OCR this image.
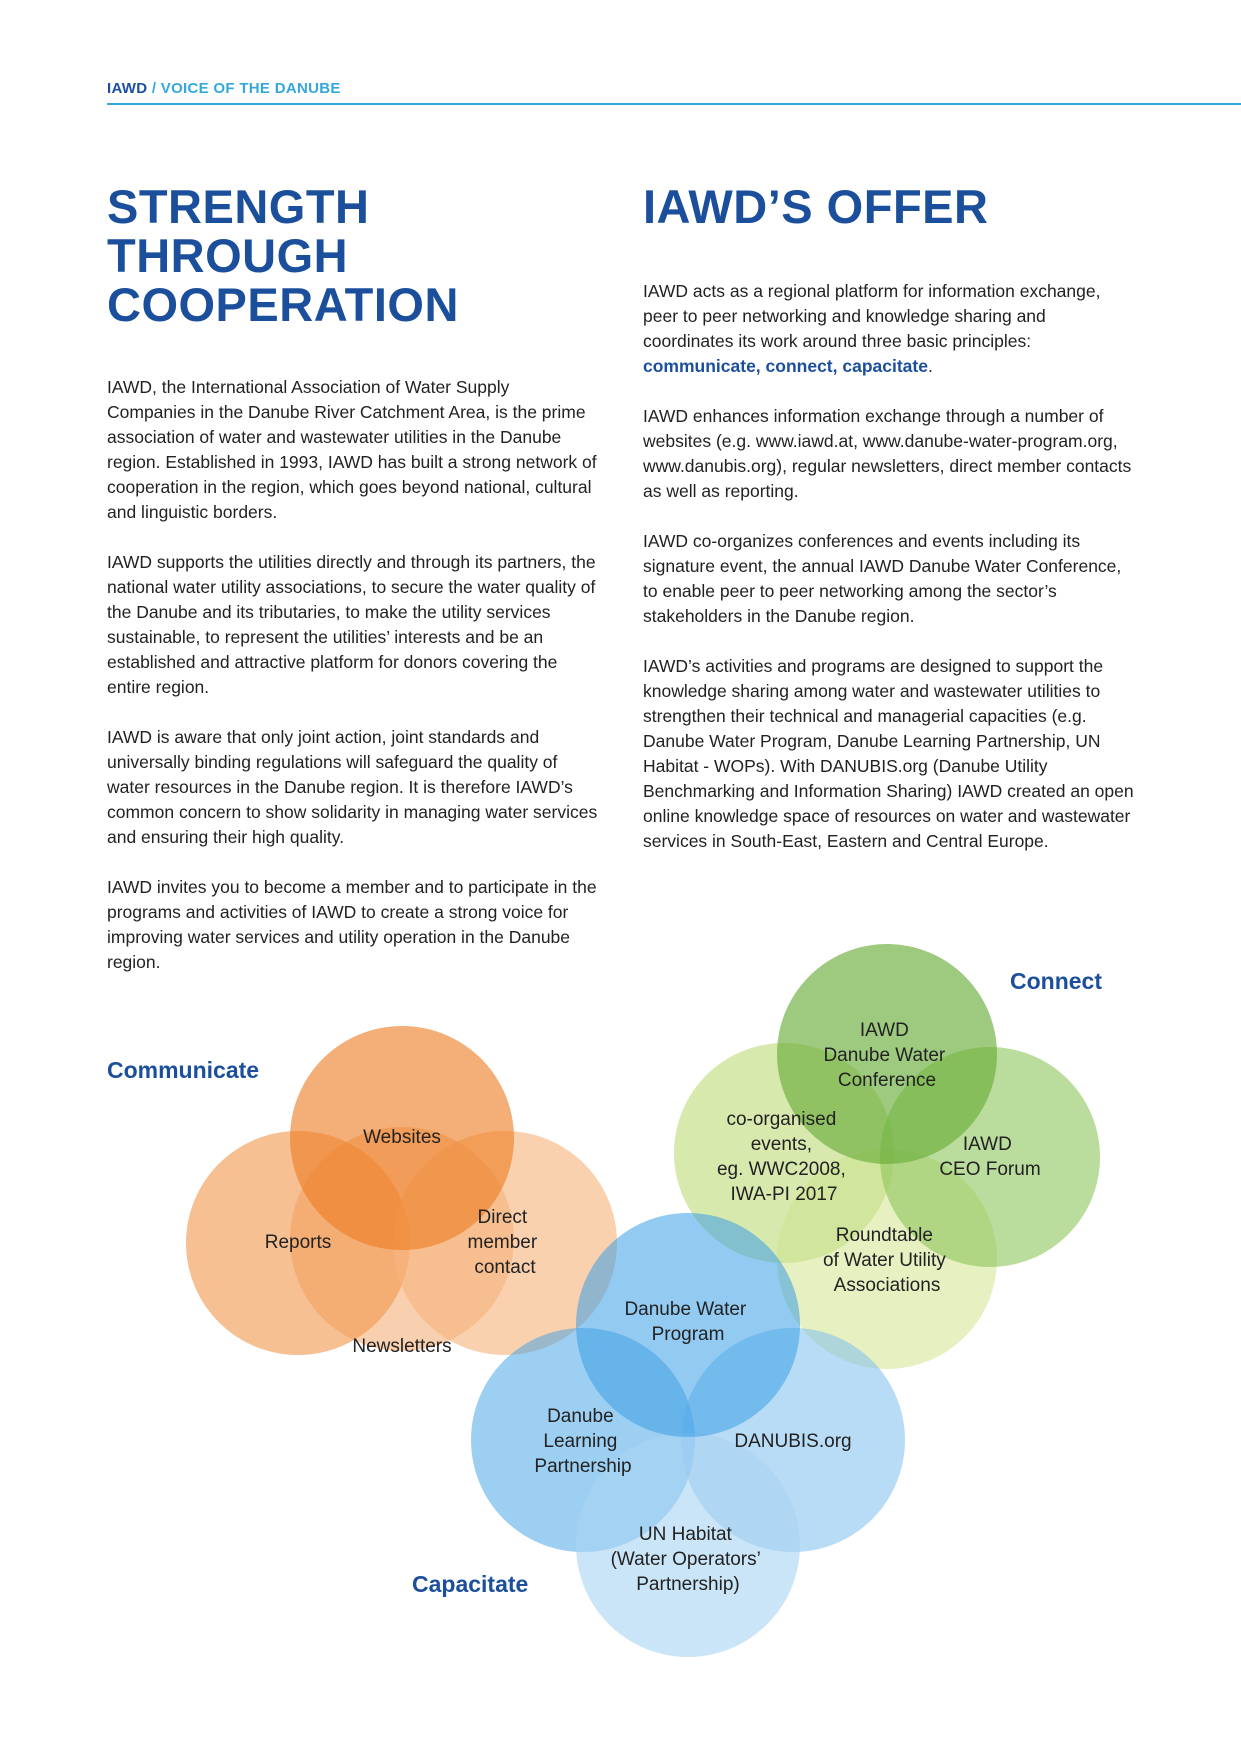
IAWD / VOICE OF THE DANUBE
STRENGTH
THROUGH
COOPERATION

IAWD, the International Association of Water Supply Companies in the Danube River Catchment Area, is the prime association of water and wastewater utilities in the Danube region. Established in 1993, IAWD has built a strong network of cooperation in the region, which goes beyond national, cultural and linguistic borders.

IAWD supports the utilities directly and through its partners, the national water utility associations, to secure the water quality of the Danube and its tributaries, to make the utility services sustainable, to represent the utilities’ interests and be an established and attractive platform for donors covering the entire region.

IAWD is aware that only joint action, joint standards and universally binding regulations will safeguard the quality of water resources in the Danube region. It is therefore IAWD’s common concern to show solidarity in managing water services and ensuring their high quality.

IAWD invites you to become a member and to participate in the programs and activities of IAWD to create a strong voice for improving water services and utility operation in the Danube region.

IAWD’S OFFER

IAWD acts as a regional platform for information exchange, peer to peer networking and knowledge sharing and coordinates its work around three basic principles: communicate, connect, capacitate.

IAWD enhances information exchange through a number of websites (e.g. www.iawd.at, www.danube-water-program.org, www.danubis.org), regular newsletters, direct member contacts as well as reporting.

IAWD co-organizes conferences and events including its signature event, the annual IAWD Danube Water Conference, to enable peer to peer networking among the sector’s stakeholders in the Danube region.

IAWD’s activities and programs are designed to support the knowledge sharing among water and wastewater utilities to strengthen their technical and managerial capacities (e.g. Danube Water Program, Danube Learning Partnership, UN Habitat - WOPs). With DANUBIS.org (Danube Utility Benchmarking and Information Sharing) IAWD created an open online knowledge space of resources on water and wastewater services in South-East, Eastern and Central Europe.

Communicate
Connect
Capacitate
Websites
Reports
Direct member contact
Newsletters
IAWD Danube Water Conference
co-organised events, eg. WWC2008, IWA-PI 2017
IAWD CEO Forum
Roundtable of Water Utility Associations
Danube Water Program
Danube Learning Partnership
DANUBIS.org
UN Habitat (Water Operators’ Partnership)
